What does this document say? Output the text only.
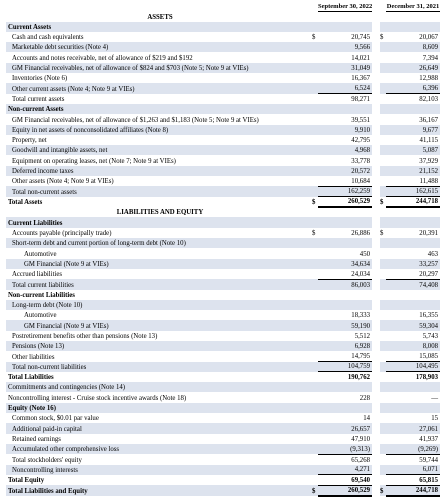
		September 30, 2022			December 31, 2021
ASSETS					
Current Assets					
Cash and cash equivalents	$	20,745		$	20,067
Marketable debt securities (Note 4)		9,566			8,609
Accounts and notes receivable, net of allowance of $219 and $192		14,021			7,394
GM Financial receivables, net of allowance of $824 and $703 (Note 5; Note 9 at VIEs)		31,049			26,649
Inventories (Note 6)		16,367			12,988
Other current assets (Note 4; Note 9 at VIEs)		6,524			6,396
Total current assets		98,271			82,103
Non-current Assets					
GM Financial receivables, net of allowance of $1,263 and $1,183 (Note 5; Note 9 at VIEs)		39,551			36,167
Equity in net assets of nonconsolidated affiliates (Note 8)		9,910			9,677
Property, net		42,795			41,115
Goodwill and intangible assets, net		4,968			5,087
Equipment on operating leases, net (Note 7; Note 9 at VIEs)		33,778			37,929
Deferred income taxes		20,572			21,152
Other assets (Note 4; Note 9 at VIEs)		10,684			11,488
Total non-current assets		162,259			162,615
Total Assets	$	260,529		$	244,718
LIABILITIES AND EQUITY					
Current Liabilities					
Accounts payable (principally trade)	$	26,886		$	20,391
Short-term debt and current portion of long-term debt (Note 10)					
Automotive		450			463
GM Financial (Note 9 at VIEs)		34,634			33,257
Accrued liabilities		24,034			20,297
Total current liabilities		86,003			74,408
Non-current Liabilities					
Long-term debt (Note 10)					
Automotive		18,333			16,355
GM Financial (Note 9 at VIEs)		59,190			59,304
Postretirement benefits other than pensions (Note 13)		5,512			5,743
Pensions (Note 13)		6,928			8,008
Other liabilities		14,795			15,085
Total non-current liabilities		104,759			104,495
Total Liabilities		190,762			178,903
Commitments and contingencies (Note 14)					
Noncontrolling interest - Cruise stock incentive awards (Note 18)		228			—
Equity (Note 16)					
Common stock, $0.01 par value		14			15
Additional paid-in capital		26,657			27,061
Retained earnings		47,910			41,937
Accumulated other comprehensive loss		(9,313)			(9,269)
Total stockholders' equity		65,268			59,744
Noncontrolling interests		4,271			6,071
Total Equity		69,540			65,815
Total Liabilities and Equity	$	260,529		$	244,718
